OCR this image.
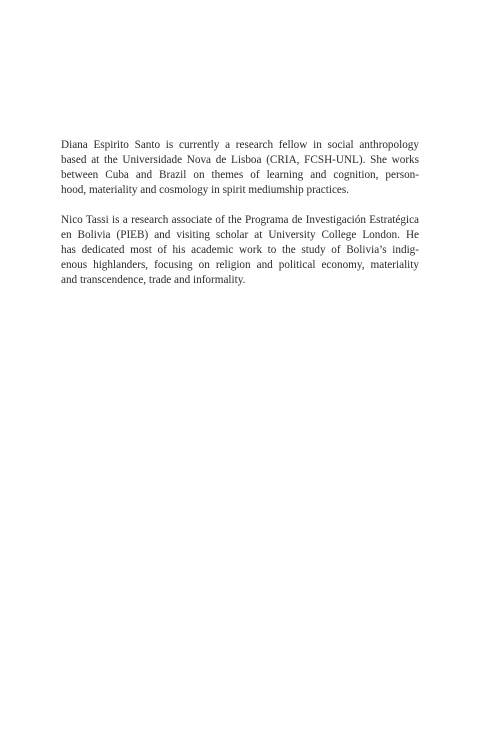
Diana Espirito Santo is currently a research fellow in social anthropology
based at the Universidade Nova de Lisboa (CRIA, FCSH-UNL). She works
between Cuba and Brazil on themes of learning and cognition, person-
hood, materiality and cosmology in spirit mediumship practices.

Nico Tassi is a research associate of the Programa de Investigación Estratégica
en Bolivia (PIEB) and visiting scholar at University College London. He
has dedicated most of his academic work to the study of Bolivia’s indig-
enous highlanders, focusing on religion and political economy, materiality
and transcendence, trade and informality.
